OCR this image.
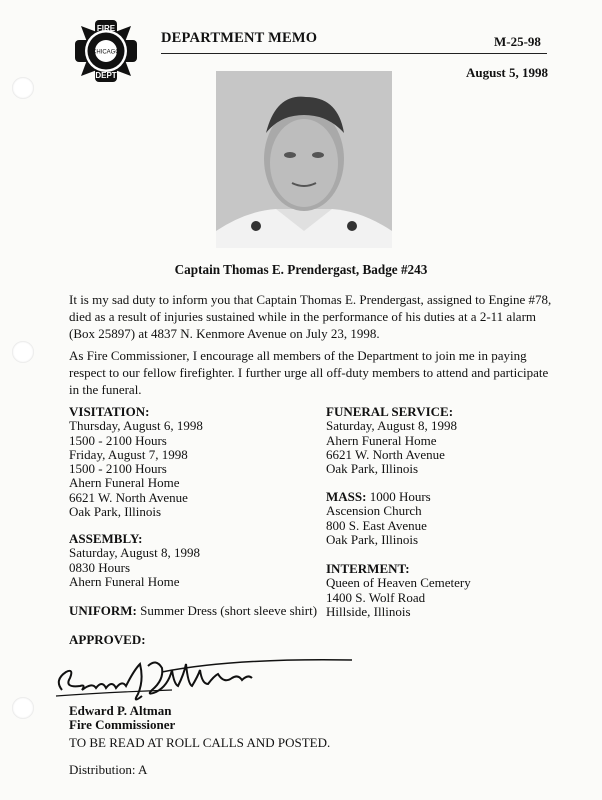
FIRE
CHICAGO
DEPT
DEPARTMENT MEMO	M-25-98
August 5, 1998
Captain Thomas E. Prendergast, Badge #243
It is my sad duty to inform you that Captain Thomas E. Prendergast, assigned to Engine #78,
died as a result of injuries sustained while in the performance of his duties at a 2-11 alarm
(Box 25897) at 4837 N. Kenmore Avenue on July 23, 1998.
As Fire Commissioner, I encourage all members of the Department to join me in paying
respect to our fellow firefighter. I further urge all off-duty members to attend and participate
in the funeral.
VISITATION:
Thursday, August 6, 1998
1500 - 2100 Hours
Friday, August 7, 1998
1500 - 2100 Hours
Ahern Funeral Home
6621 W. North Avenue
Oak Park, Illinois
ASSEMBLY:
Saturday, August 8, 1998
0830 Hours
Ahern Funeral Home
UNIFORM: Summer Dress (short sleeve shirt)
FUNERAL SERVICE:
Saturday, August 8, 1998
Ahern Funeral Home
6621 W. North Avenue
Oak Park, Illinois
MASS: 1000 Hours
Ascension Church
800 S. East Avenue
Oak Park, Illinois
INTERMENT:
Queen of Heaven Cemetery
1400 S. Wolf Road
Hillside, Illinois
APPROVED:
Edward P. Altman
Fire Commissioner
TO BE READ AT ROLL CALLS AND POSTED.
Distribution: A
